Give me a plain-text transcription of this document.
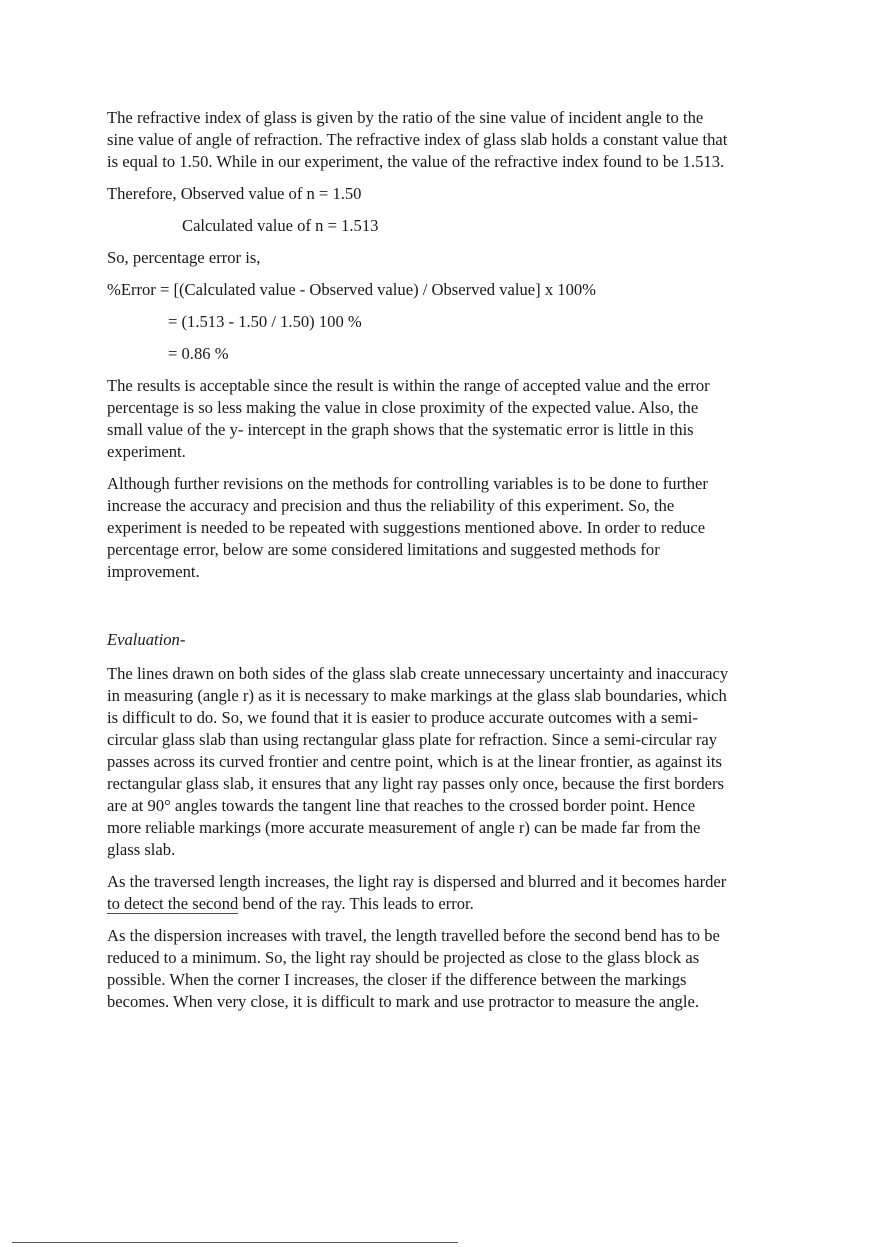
The refractive index of glass is given by the ratio of the sine value of incident angle to the
sine value of angle of refraction. The refractive index of glass slab holds a constant value that
is equal to 1.50. While in our experiment, the value of the refractive index found to be 1.513.

Therefore, Observed value of n = 1.50

Calculated value of n = 1.513

So, percentage error is,

%Error = [(Calculated value - Observed value) / Observed value] x 100%

= (1.513 - 1.50 / 1.50) 100 %

= 0.86 %

The results is acceptable since the result is within the range of accepted value and the error
percentage is so less making the value in close proximity of the expected value. Also, the
small value of the y- intercept in the graph shows that the systematic error is little in this
experiment.

Although further revisions on the methods for controlling variables is to be done to further
increase the accuracy and precision and thus the reliability of this experiment. So, the
experiment is needed to be repeated with suggestions mentioned above. In order to reduce
percentage error, below are some considered limitations and suggested methods for
improvement.

Evaluation-

The lines drawn on both sides of the glass slab create unnecessary uncertainty and inaccuracy
in measuring (angle r) as it is necessary to make markings at the glass slab boundaries, which
is difficult to do. So, we found that it is easier to produce accurate outcomes with a semi-
circular glass slab than using rectangular glass plate for refraction. Since a semi-circular ray
passes across its curved frontier and centre point, which is at the linear frontier, as against its
rectangular glass slab, it ensures that any light ray passes only once, because the first borders
are at 90° angles towards the tangent line that reaches to the crossed border point. Hence
more reliable markings (more accurate measurement of angle r) can be made far from the
glass slab.

As the traversed length increases, the light ray is dispersed and blurred and it becomes harder
to detect the second bend of the ray. This leads to error.

As the dispersion increases with travel, the length travelled before the second bend has to be
reduced to a minimum. So, the light ray should be projected as close to the glass block as
possible. When the corner I increases, the closer if the difference between the markings
becomes. When very close, it is difficult to mark and use protractor to measure the angle.
